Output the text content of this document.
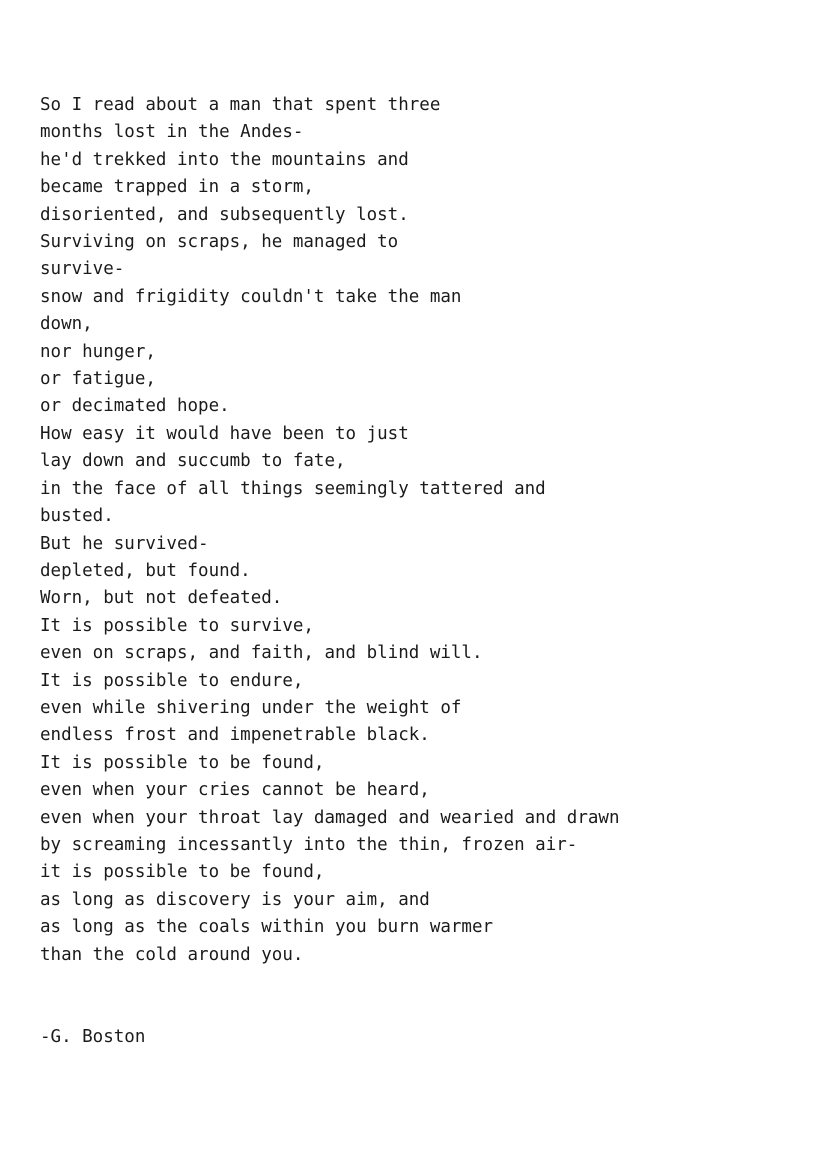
So I read about a man that spent three
months lost in the Andes-
he'd trekked into the mountains and
became trapped in a storm,
disoriented, and subsequently lost.
Surviving on scraps, he managed to
survive-
snow and frigidity couldn't take the man
down,
nor hunger,
or fatigue,
or decimated hope.
How easy it would have been to just
lay down and succumb to fate,
in the face of all things seemingly tattered and
busted.
But he survived-
depleted, but found.
Worn, but not defeated.
It is possible to survive,
even on scraps, and faith, and blind will.
It is possible to endure,
even while shivering under the weight of
endless frost and impenetrable black.
It is possible to be found,
even when your cries cannot be heard,
even when your throat lay damaged and wearied and drawn
by screaming incessantly into the thin, frozen air-
it is possible to be found,
as long as discovery is your aim, and
as long as the coals within you burn warmer
than the cold around you.
-G. Boston
